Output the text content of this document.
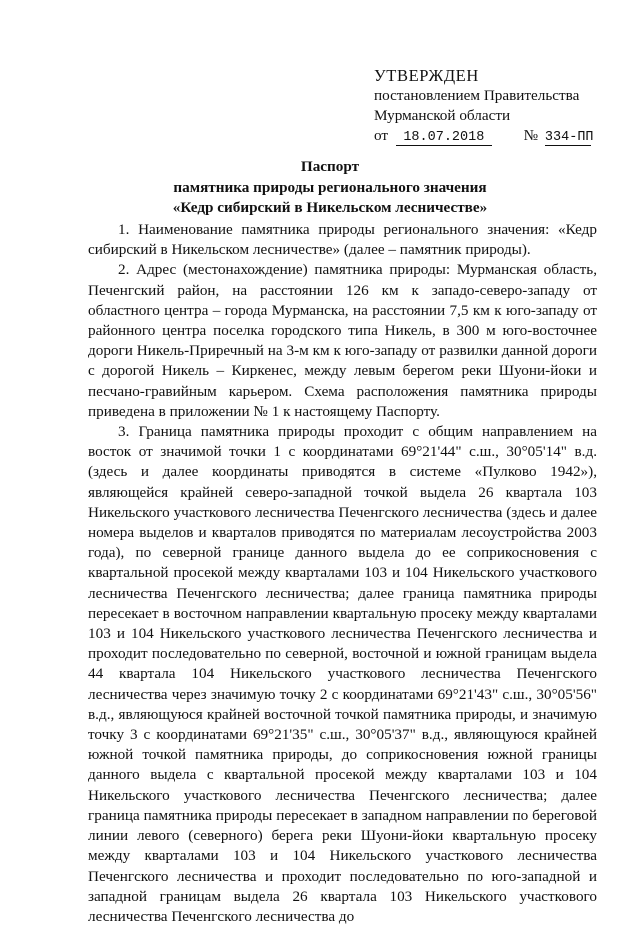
УТВЕРЖДЕН
постановлением Правительства
Мурманской области
от 18.07.2018	№ 334-ПП
Паспорт
памятника природы регионального значения
«Кедр сибирский в Никельском лесничестве»

1. Наименование памятника природы регионального значения: «Кедр сибирский в Никельском лесничестве» (далее – памятник природы).

2. Адрес (местонахождение) памятника природы: Мурманская область, Печенгский район, на расстоянии 126 км к западо-северо-западу от областного центра – города Мурманска, на расстоянии 7,5 км к юго-западу от районного центра поселка городского типа Никель, в 300 м юго-восточнее дороги Никель-Приречный на 3-м км к юго-западу от развилки данной дороги с дорогой Никель – Киркенес, между левым берегом реки Шуони-йоки и песчано-гравийным карьером. Схема расположения памятника природы приведена в приложении № 1 к настоящему Паспорту.

3. Граница памятника природы проходит с общим направлением на восток от значимой точки 1 с координатами 69°21'44" с.ш., 30°05'14" в.д. (здесь и далее координаты приводятся в системе «Пулково 1942»), являющейся крайней северо-западной точкой выдела 26 квартала 103 Никельского участкового лесничества Печенгского лесничества (здесь и далее номера выделов и кварталов приводятся по материалам лесоустройства 2003 года), по северной границе данного выдела до ее соприкосновения с квартальной просекой между кварталами 103 и 104 Никельского участкового лесничества Печенгского лесничества; далее граница памятника природы пересекает в восточном направлении квартальную просеку между кварталами 103 и 104 Никельского участкового лесничества Печенгского лесничества и проходит последовательно по северной, восточной и южной границам выдела 44 квартала 104 Никельского участкового лесничества Печенгского лесничества через значимую точку 2 с координатами 69°21'43" с.ш., 30°05'56" в.д., являющуюся крайней восточной точкой памятника природы, и значимую точку 3 с координатами 69°21'35" с.ш., 30°05'37" в.д., являющуюся крайней южной точкой памятника природы, до соприкосновения южной границы данного выдела с квартальной просекой между кварталами 103 и 104 Никельского участкового лесничества Печенгского лесничества; далее граница памятника природы пересекает в западном направлении по береговой линии левого (северного) берега реки Шуони-йоки квартальную просеку между кварталами 103 и 104 Никельского участкового лесничества Печенгского лесничества и проходит последовательно по юго-западной и западной границам выдела 26 квартала 103 Никельского участкового лесничества Печенгского лесничества до
